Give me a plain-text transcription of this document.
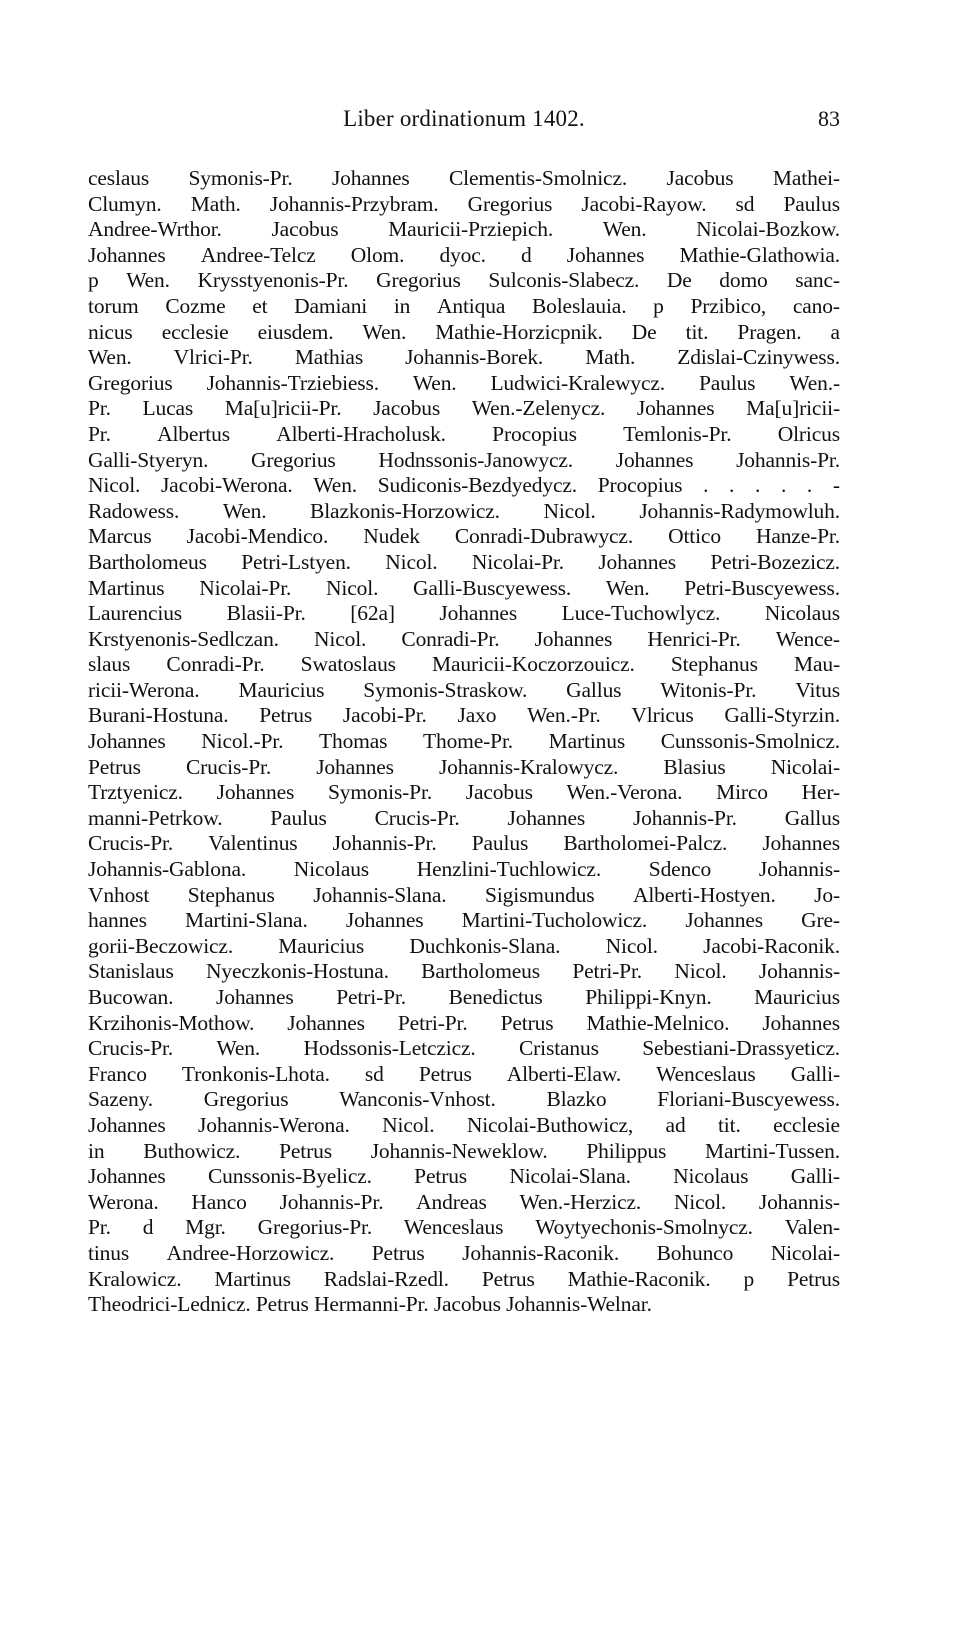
Liber ordinationum 1402.	83
ceslaus Symonis-Pr. Johannes Clementis-Smolnicz. Jacobus Mathei-
Clumyn. Math. Johannis-Przybram. Gregorius Jacobi-Rayow. sd Paulus
Andree-Wrthor. Jacobus Mauricii-Przieрich. Wen. Nicolai-Bozkow.
Johannes Andree-Telcz Olom. dyoc. d Johannes Mathie-Glathowia.
p Wen. Krysstyenonis-Pr. Gregorius Sulconis-Slabecz. De domo sanc-
torum Cozme et Damiani in Antiqua Boleslauia. p Przibico, cano-
nicus ecclesie eiusdem. Wen. Mathie-Horzicpnik. De tit. Pragen. a
Wen. Vlrici-Pr. Mathias Johannis-Borek. Math. Zdislai-Czinywess.
Gregorius Johannis-Trziebiess. Wen. Ludwici-Kralewycz. Paulus Wen.-
Pr. Lucas Ma[u]ricii-Pr. Jacobus Wen.-Zelenycz. Johannes Ma[u]ricii-
Pr. Albertus Alberti-Hracholusk. Procopius Temlonis-Pr. Olricus
Galli-Styeryn. Gregorius Hodnssonis-Janowycz. Johannes Johannis-Pr.
Nicol. Jacobi-Werona. Wen. Sudiconis-Bezdyedycz. Procopius . . . . . -
Radowess. Wen. Blazkonis-Horzowicz. Nicol. Johannis-Radymowluh.
Marcus Jacobi-Mendico. Nudek Conradi-Dubrawycz. Ottico Hanze-Pr.
Bartholomeus Petri-Lstyen. Nicol. Nicolai-Pr. Johannes Petri-Bozezicz.
Martinus Nicolai-Pr. Nicol. Galli-Buscyewess. Wen. Petri-Buscyewess.
Laurencius Blasii-Pr. [62a] Johannes Luce-Tuchowlycz. Nicolaus
Krstyenonis-Sedlczan. Nicol. Conradi-Pr. Johannes Henrici-Pr. Wence-
slaus Conradi-Pr. Swatoslaus Mauricii-Koczorzouicz. Stephanus Mau-
ricii-Werona. Mauricius Symonis-Straskow. Gallus Witonis-Pr. Vitus
Burani-Hostuna. Petrus Jacobi-Pr. Jaxo Wen.-Pr. Vlricus Galli-Styrzin.
Johannes Nicol.-Pr. Thomas Thome-Pr. Martinus Cunssonis-Smolnicz.
Petrus Crucis-Pr. Johannes Johannis-Kralowycz. Blasius Nicolai-
Trztyenicz. Johannes Symonis-Pr. Jacobus Wen.-Verona. Mirco Her-
manni-Petrkow. Paulus Crucis-Pr. Johannes Johannis-Pr. Gallus
Crucis-Pr. Valentinus Johannis-Pr. Paulus Bartholomei-Palcz. Johannes
Johannis-Gablona. Nicolaus Henzlini-Tuchlowicz. Sdenco Johannis-
Vnhost Stephanus Johannis-Slana. Sigismundus Alberti-Hostyen. Jo-
hannes Martini-Slana. Johannes Martini-Tucholowicz. Johannes Gre-
gorii-Beczowicz. Mauricius Duchkonis-Slana. Nicol. Jacobi-Raconik.
Stanislaus Nyeczkonis-Hostuna. Bartholomeus Petri-Pr. Nicol. Johannis-
Bucowan. Johannes Petri-Pr. Benedictus Philippi-Knyn. Mauricius
Krzihonis-Mothow. Johannes Petri-Pr. Petrus Mathie-Melnico. Johannes
Crucis-Pr. Wen. Hodssonis-Letczicz. Cristanus Sebestiani-Drassyeticz.
Franco Tronkonis-Lhota. sd Petrus Alberti-Elaw. Wenceslaus Galli-
Sazeny. Gregorius Wanconis-Vnhost. Blazko Floriani-Buscyewess.
Johannes Johannis-Werona. Nicol. Nicolai-Buthowicz, ad tit. ecclesie
in Buthowicz. Petrus Johannis-Neweklow. Philippus Martini-Tussen.
Johannes Cunssonis-Byelicz. Petrus Nicolai-Slana. Nicolaus Galli-
Werona. Hanco Johannis-Pr. Andreas Wen.-Herzicz. Nicol. Johannis-
Pr. d Mgr. Gregorius-Pr. Wenceslaus Woytyechonis-Smolnycz. Valen-
tinus Andree-Horzowicz. Petrus Johannis-Raconik. Bohunco Nicolai-
Kralowicz. Martinus Radslai-Rzedl. Petrus Mathie-Raconik. p Petrus
Theodrici-Lednicz. Petrus Hermanni-Pr. Jacobus Johannis-Welnar.
